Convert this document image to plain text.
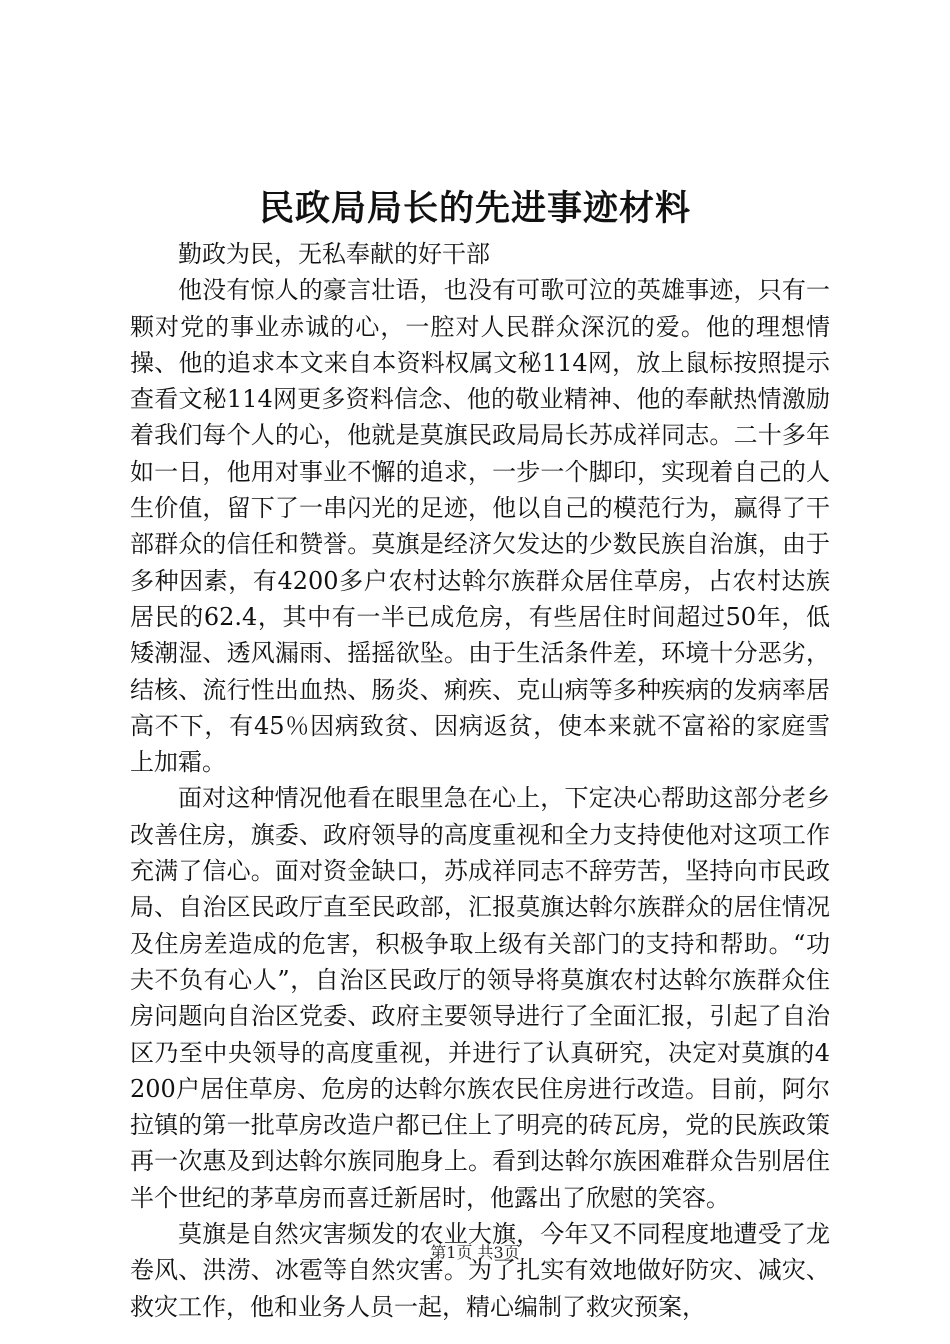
民政局局长的先进事迹材料

勤政为民，无私奉献的好干部

他没有惊人的豪言壮语，也没有可歌可泣的英雄事迹，只有一颗对党的事业赤诚的心，一腔对人民群众深沉的爱。他的理想情操、他的追求本文来自本资料权属文秘114网，放上鼠标按照提示查看文秘114网更多资料信念、他的敬业精神、他的奉献热情激励着我们每个人的心，他就是莫旗民政局局长苏成祥同志。二十多年如一日，他用对事业不懈的追求，一步一个脚印，实现着自己的人生价值，留下了一串闪光的足迹，他以自己的模范行为，赢得了干部群众的信任和赞誉。莫旗是经济欠发达的少数民族自治旗，由于多种因素，有4200多户农村达斡尔族群众居住草房，占农村达族居民的62.4，其中有一半已成危房，有些居住时间超过50年，低矮潮湿、透风漏雨、摇摇欲坠。由于生活条件差，环境十分恶劣，结核、流行性出血热、肠炎、痢疾、克山病等多种疾病的发病率居高不下，有45％因病致贫、因病返贫，使本来就不富裕的家庭雪上加霜。

面对这种情况他看在眼里急在心上，下定决心帮助这部分老乡改善住房，旗委、政府领导的高度重视和全力支持使他对这项工作充满了信心。面对资金缺口，苏成祥同志不辞劳苦，坚持向市民政局、自治区民政厅直至民政部，汇报莫旗达斡尔族群众的居住情况及住房差造成的危害，积极争取上级有关部门的支持和帮助。“功夫不负有心人”，自治区民政厅的领导将莫旗农村达斡尔族群众住房问题向自治区党委、政府主要领导进行了全面汇报，引起了自治区乃至中央领导的高度重视，并进行了认真研究，决定对莫旗的4200户居住草房、危房的达斡尔族农民住房进行改造。目前，阿尔拉镇的第一批草房改造户都已住上了明亮的砖瓦房，党的民族政策再一次惠及到达斡尔族同胞身上。看到达斡尔族困难群众告别居住半个世纪的茅草房而喜迁新居时，他露出了欣慰的笑容。

莫旗是自然灾害频发的农业大旗，今年又不同程度地遭受了龙卷风、洪涝、冰雹等自然灾害。为了扎实有效地做好防灾、减灾、救灾工作，他和业务人员一起，精心编制了救灾预案，

第1页 共3页
